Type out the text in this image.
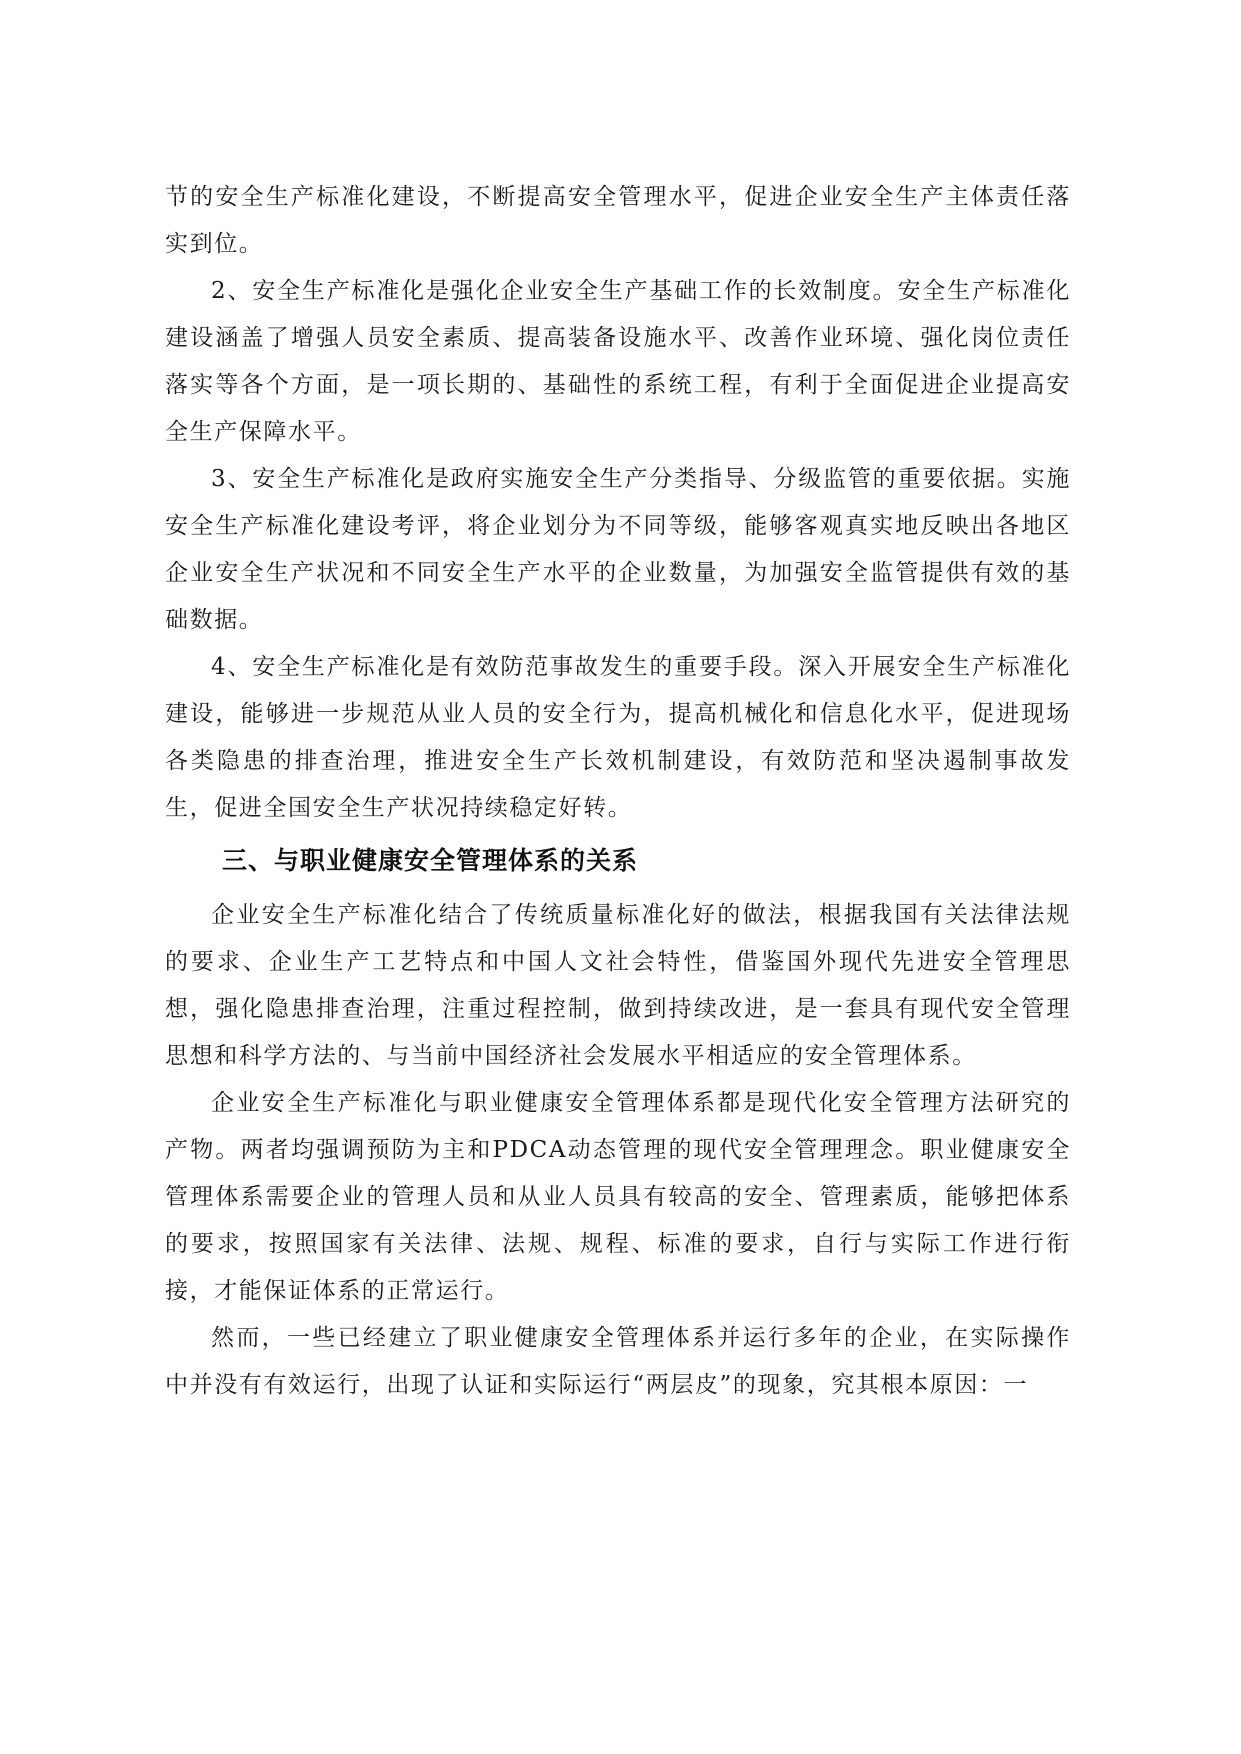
节的安全生产标准化建设，不断提高安全管理水平，促进企业安全生产主体责任落实到位。

2、安全生产标准化是强化企业安全生产基础工作的长效制度。安全生产标准化建设涵盖了增强人员安全素质、提高装备设施水平、改善作业环境、强化岗位责任落实等各个方面，是一项长期的、基础性的系统工程，有利于全面促进企业提高安全生产保障水平。

3、安全生产标准化是政府实施安全生产分类指导、分级监管的重要依据。实施安全生产标准化建设考评，将企业划分为不同等级，能够客观真实地反映出各地区企业安全生产状况和不同安全生产水平的企业数量，为加强安全监管提供有效的基础数据。

4、安全生产标准化是有效防范事故发生的重要手段。深入开展安全生产标准化建设，能够进一步规范从业人员的安全行为，提高机械化和信息化水平，促进现场各类隐患的排查治理，推进安全生产长效机制建设，有效防范和坚决遏制事故发生，促进全国安全生产状况持续稳定好转。

三、与职业健康安全管理体系的关系

企业安全生产标准化结合了传统质量标准化好的做法，根据我国有关法律法规的要求、企业生产工艺特点和中国人文社会特性，借鉴国外现代先进安全管理思想，强化隐患排查治理，注重过程控制，做到持续改进，是一套具有现代安全管理思想和科学方法的、与当前中国经济社会发展水平相适应的安全管理体系。

企业安全生产标准化与职业健康安全管理体系都是现代化安全管理方法研究的产物。两者均强调预防为主和PDCA动态管理的现代安全管理理念。职业健康安全管理体系需要企业的管理人员和从业人员具有较高的安全、管理素质，能够把体系的要求，按照国家有关法律、法规、规程、标准的要求，自行与实际工作进行衔接，才能保证体系的正常运行。

然而，一些已经建立了职业健康安全管理体系并运行多年的企业，在实际操作中并没有有效运行，出现了认证和实际运行“两层皮”的现象，究其根本原因：一
